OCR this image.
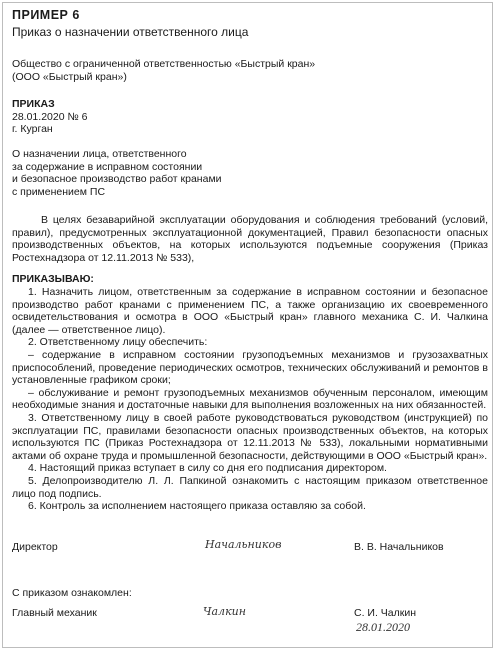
ПРИМЕР 6

Приказ о назначении ответственного лица

Общество с ограниченной ответственностью «Быстрый кран»
(ООО «Быстрый кран»)
ПРИКАЗ
28.01.2020 № 6
г. Курган
О назначении лица, ответственного
за содержание в исправном состоянии
и безопасное производство работ кранами
с применением ПС

В целях безаварийной эксплуатации оборудования и соблюдения требований (условий, правил), предусмотренных эксплуатационной документацией, Правил безопасности опасных производственных объектов, на которых используются подъемные сооружения (Приказ Ростехнадзора от 12.11.2013 № 533),

ПРИКАЗЫВАЮ:

1. Назначить лицом, ответственным за содержание в исправном состоянии и безопасное производство работ кранами с применением ПС, а также организацию их своевременного освидетельствования и осмотра в ООО «Быстрый кран» главного механика С. И. Чалкина (далее — ответственное лицо).

2. Ответственному лицу обеспечить:

– содержание в исправном состоянии грузоподъемных механизмов и грузозахватных приспособлений, проведение периодических осмотров, технических обслуживаний и ремонтов в установленные графиком сроки;

– обслуживание и ремонт грузоподъемных механизмов обученным персоналом, имеющим необходимые знания и достаточные навыки для выполнения возложенных на них обязанностей.

3. Ответственному лицу в своей работе руководствоваться руководством (инструкцией) по эксплуатации ПС, правилами безопасности опасных производственных объектов, на которых используются ПС (Приказ Ростехнадзора от 12.11.2013 № 533), локальными нормативными актами об охране труда и промышленной безопасности, действующими в ООО «Быстрый кран».

4. Настоящий приказ вступает в силу со дня его подписания директором.

5. Делопроизводителю Л. Л. Папкиной ознакомить с настоящим приказом ответственное лицо под подпись.

6. Контроль за исполнением настоящего приказа оставляю за собой.

Директор	Начальников	В. В. Начальников

С приказом ознакомлен:

Главный механик	Чалкин	С. И. Чалкин

28.01.2020
